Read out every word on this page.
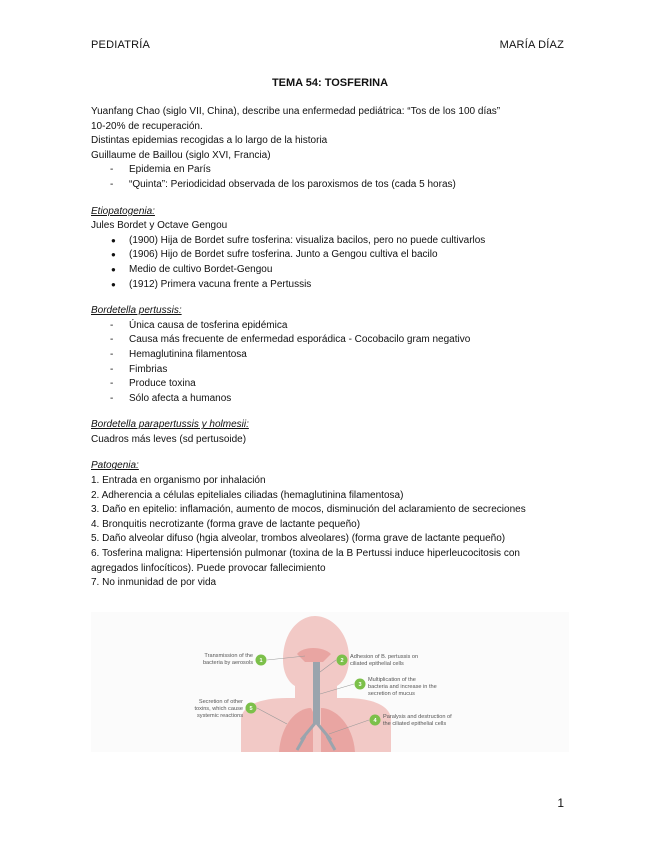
PEDIATRÍA	MARÍA DÍAZ
TEMA 54: TOSFERINA
Yuanfang Chao (siglo VII, China), describe una enfermedad pediátrica: “Tos de los 100 días”
10-20% de recuperación.
Distintas epidemias recogidas a lo largo de la historia
Guillaume de Baillou (siglo XVI, Francia)
- Epidemia en París
- “Quinta”: Periodicidad observada de los paroxismos de tos (cada 5 horas)
Etiopatogenia:
Jules Bordet y Octave Gengou
● (1900) Hija de Bordet sufre tosferina: visualiza bacilos, pero no puede cultivarlos
● (1906) Hijo de Bordet sufre tosferina. Junto a Gengou cultiva el bacilo
● Medio de cultivo Bordet-Gengou
● (1912) Primera vacuna frente a Pertussis
Bordetella pertussis:
- Única causa de tosferina epidémica
- Causa más frecuente de enfermedad esporádica - Cocobacilo gram negativo
- Hemaglutinina filamentosa
- Fimbrias
- Produce toxina
- Sólo afecta a humanos
Bordetella parapertussis y holmesii:
Cuadros más leves (sd pertusoide)
Patogenia:
1. Entrada en organismo por inhalación
2. Adherencia a células epiteliales ciliadas (hemaglutinina filamentosa)
3. Daño en epitelio: inflamación, aumento de mocos, disminución del aclaramiento de secreciones
4. Bronquitis necrotizante (forma grave de lactante pequeño)
5. Daño alveolar difuso (hgia alveolar, trombos alveolares) (forma grave de lactante pequeño)
6. Tosferina maligna: Hipertensión pulmonar (toxina de la B Pertussi induce hiperleucocitosis con agregados linfocíticos). Puede provocar fallecimiento
7. No inmunidad de por vida
1	2
3
4
5
Transmission of the
bacteria by aerosols
Adhesion of B. pertussis on
ciliated epithelial cells
Multiplication of the
bacteria and increase in the
secretion of mucus
Paralysis and destruction of
the ciliated epithelial cells
Secretion of other
toxins, which cause
systemic reactions
1
